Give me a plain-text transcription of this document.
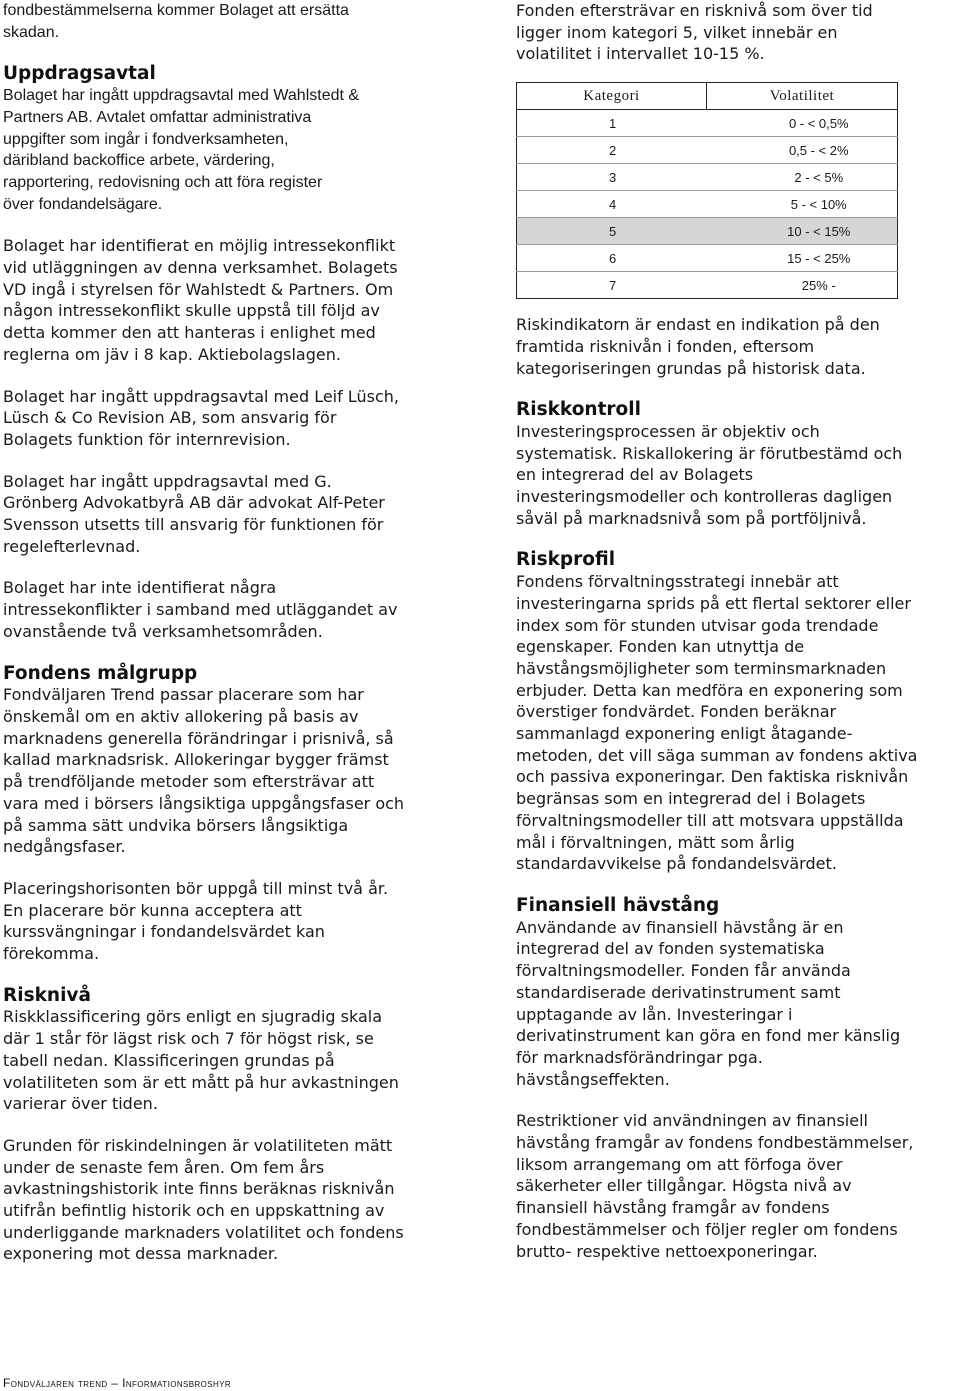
fondbestämmelserna kommer Bolaget att ersätta
skadan.

Uppdragsavtal

Bolaget har ingått uppdragsavtal med Wahlstedt &
Partners AB. Avtalet omfattar administrativa
uppgifter som ingår i fondverksamheten,
däribland backoffice arbete, värdering,
rapportering, redovisning och att föra register
över fondandelsägare.

Bolaget har identifierat en möjlig intressekonflikt
vid utläggningen av denna verksamhet. Bolagets
VD ingå i styrelsen för Wahlstedt & Partners. Om
någon intressekonflikt skulle uppstå till följd av
detta kommer den att hanteras i enlighet med
reglerna om jäv i 8 kap. Aktiebolagslagen.

Bolaget har ingått uppdragsavtal med Leif Lüsch,
Lüsch & Co Revision AB, som ansvarig för
Bolagets funktion för internrevision.

Bolaget har ingått uppdragsavtal med G.
Grönberg Advokatbyrå AB där advokat Alf-Peter
Svensson utsetts till ansvarig för funktionen för
regelefterlevnad.

Bolaget har inte identifierat några
intressekonflikter i samband med utläggandet av
ovanstående två verksamhetsområden.

Fondens målgrupp

Fondväljaren Trend passar placerare som har
önskemål om en aktiv allokering på basis av
marknadens generella förändringar i prisnivå, så
kallad marknadsrisk. Allokeringar bygger främst
på trendföljande metoder som eftersträvar att
vara med i börsers långsiktiga uppgångsfaser och
på samma sätt undvika börsers långsiktiga
nedgångsfaser.

Placeringshorisonten bör uppgå till minst två år.
En placerare bör kunna acceptera att
kurssvängningar i fondandelsvärdet kan
förekomma.

Risknivå

Riskklassificering görs enligt en sjugradig skala
där 1 står för lägst risk och 7 för högst risk, se
tabell nedan. Klassificeringen grundas på
volatiliteten som är ett mått på hur avkastningen
varierar över tiden.

Grunden för riskindelningen är volatiliteten mätt
under de senaste fem åren. Om fem års
avkastningshistorik inte finns beräknas risknivån
utifrån befintlig historik och en uppskattning av
underliggande marknaders volatilitet och fondens
exponering mot dessa marknader.

Fonden eftersträvar en risknivå som över tid
ligger inom kategori 5, vilket innebär en
volatilitet i intervallet 10-15 %.

Kategori	Volatilitet
1	0 - < 0,5%
2	0,5 - < 2%
3	2 - < 5%
4	5 - < 10%
5	10 - < 15%
6	15 - < 25%
7	25% -

Riskindikatorn är endast en indikation på den
framtida risknivån i fonden, eftersom
kategoriseringen grundas på historisk data.

Riskkontroll

Investeringsprocessen är objektiv och
systematisk. Riskallokering är förutbestämd och
en integrerad del av Bolagets
investeringsmodeller och kontrolleras dagligen
såväl på marknadsnivå som på portföljnivå.

Riskprofil

Fondens förvaltningsstrategi innebär att
investeringarna sprids på ett flertal sektorer eller
index som för stunden utvisar goda trendade
egenskaper. Fonden kan utnyttja de
hävstångsmöjligheter som terminsmarknaden
erbjuder. Detta kan medföra en exponering som
överstiger fondvärdet. Fonden beräknar
sammanlagd exponering enligt åtagande-
metoden, det vill säga summan av fondens aktiva
och passiva exponeringar. Den faktiska risknivån
begränsas som en integrerad del i Bolagets
förvaltningsmodeller till att motsvara uppställda
mål i förvaltningen, mätt som årlig
standardavvikelse på fondandelsvärdet.

Finansiell hävstång

Användande av finansiell hävstång är en
integrerad del av fonden systematiska
förvaltningsmodeller. Fonden får använda
standardiserade derivatinstrument samt
upptagande av lån. Investeringar i
derivatinstrument kan göra en fond mer känslig
för marknadsförändringar pga.
hävstångseffekten.

Restriktioner vid användningen av finansiell
hävstång framgår av fondens fondbestämmelser,
liksom arrangemang om att förfoga över
säkerheter eller tillgångar. Högsta nivå av
finansiell hävstång framgår av fondens
fondbestämmelser och följer regler om fondens
brutto- respektive nettoexponeringar.

Fondväljaren trend – Informationsbroshyr
